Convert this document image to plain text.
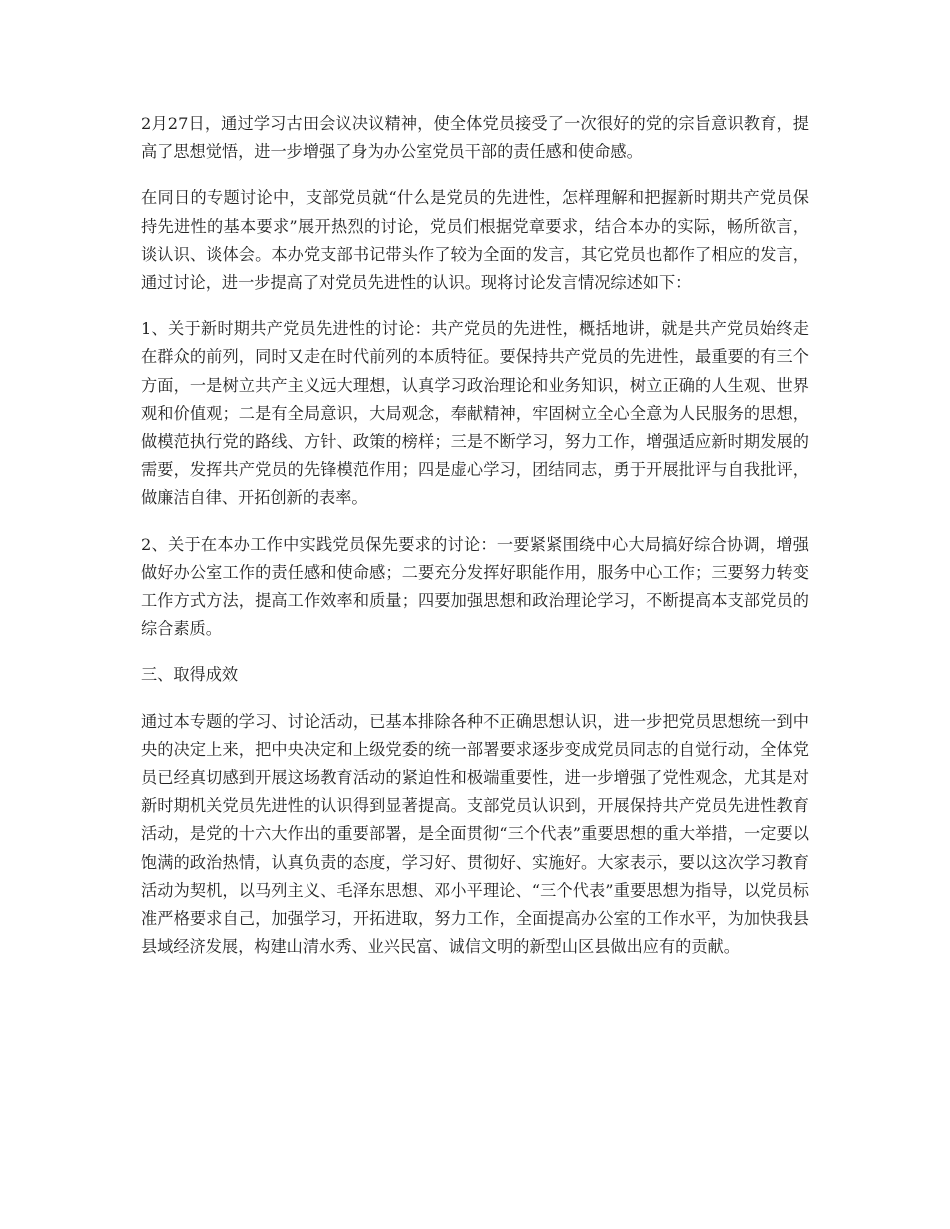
2月27日，通过学习古田会议决议精神，使全体党员接受了一次很好的党的宗旨意识教育，提高了思想觉悟，进一步增强了身为办公室党员干部的责任感和使命感。

在同日的专题讨论中，支部党员就“什么是党员的先进性，怎样理解和把握新时期共产党员保持先进性的基本要求”展开热烈的讨论，党员们根据党章要求，结合本办的实际，畅所欲言，谈认识、谈体会。本办党支部书记带头作了较为全面的发言，其它党员也都作了相应的发言，通过讨论，进一步提高了对党员先进性的认识。现将讨论发言情况综述如下：

1、关于新时期共产党员先进性的讨论：共产党员的先进性，概括地讲，就是共产党员始终走在群众的前列，同时又走在时代前列的本质特征。要保持共产党员的先进性，最重要的有三个方面，一是树立共产主义远大理想，认真学习政治理论和业务知识，树立正确的人生观、世界观和价值观；二是有全局意识，大局观念，奉献精神，牢固树立全心全意为人民服务的思想，做模范执行党的路线、方针、政策的榜样；三是不断学习，努力工作，增强适应新时期发展的需要，发挥共产党员的先锋模范作用；四是虚心学习，团结同志，勇于开展批评与自我批评，做廉洁自律、开拓创新的表率。

2、关于在本办工作中实践党员保先要求的讨论：一要紧紧围绕中心大局搞好综合协调，增强做好办公室工作的责任感和使命感；二要充分发挥好职能作用，服务中心工作；三要努力转变工作方式方法，提高工作效率和质量；四要加强思想和政治理论学习，不断提高本支部党员的综合素质。

三、取得成效

通过本专题的学习、讨论活动，已基本排除各种不正确思想认识，进一步把党员思想统一到中央的决定上来，把中央决定和上级党委的统一部署要求逐步变成党员同志的自觉行动，全体党员已经真切感到开展这场教育活动的紧迫性和极端重要性，进一步增强了党性观念，尤其是对新时期机关党员先进性的认识得到显著提高。支部党员认识到，开展保持共产党员先进性教育活动，是党的十六大作出的重要部署，是全面贯彻“三个代表”重要思想的重大举措，一定要以饱满的政治热情，认真负责的态度，学习好、贯彻好、实施好。大家表示，要以这次学习教育活动为契机，以马列主义、毛泽东思想、邓小平理论、“三个代表”重要思想为指导，以党员标准严格要求自己，加强学习，开拓进取，努力工作，全面提高办公室的工作水平，为加快我县县域经济发展，构建山清水秀、业兴民富、诚信文明的新型山区县做出应有的贡献。
